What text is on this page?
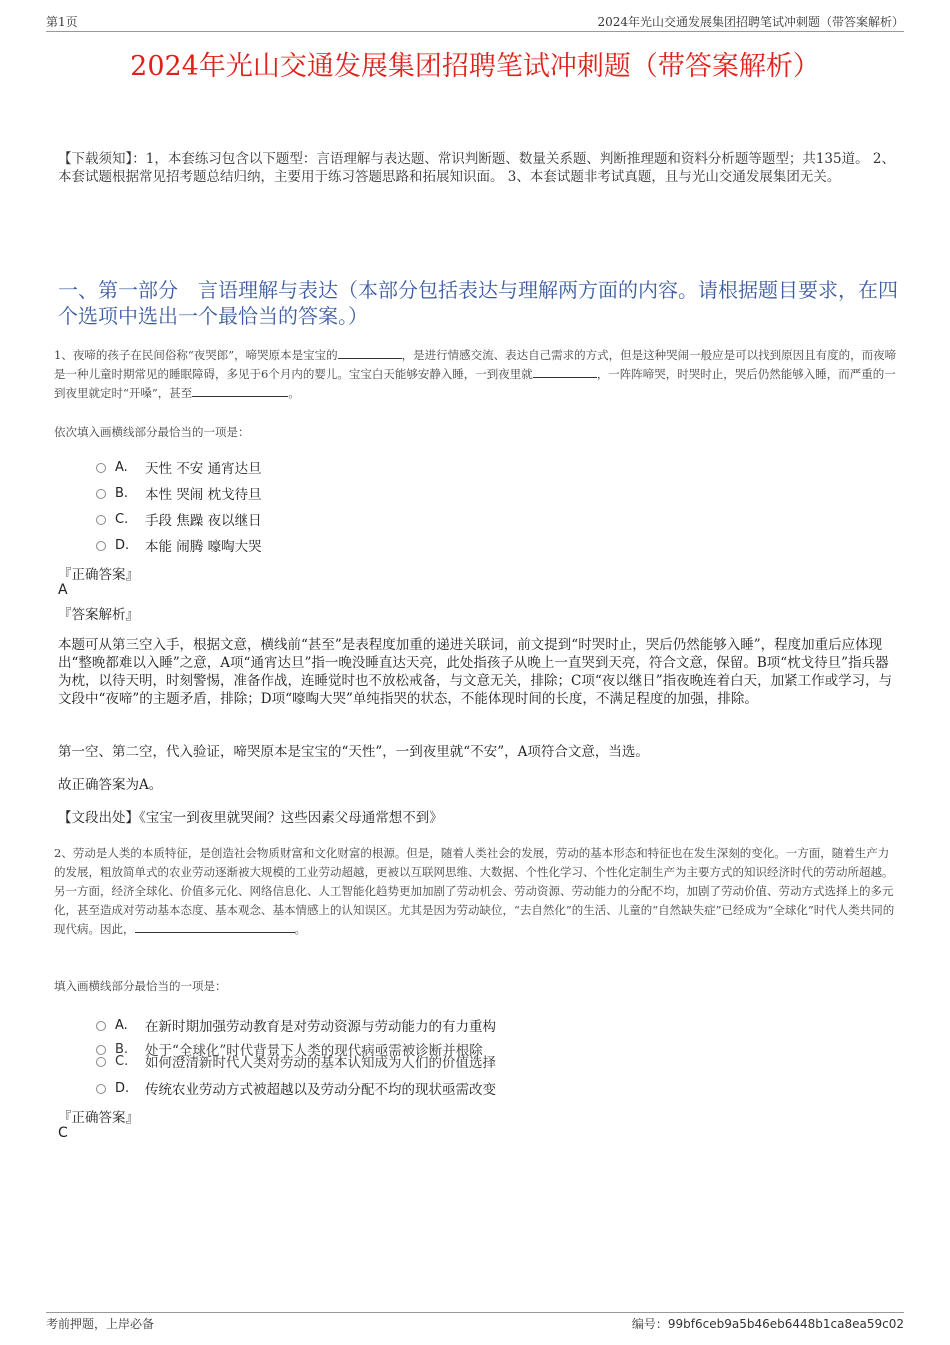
第1页	2024年光山交通发展集团招聘笔试冲刺题（带答案解析）
2024年光山交通发展集团招聘笔试冲刺题（带答案解析）
【下载须知】：1，本套练习包含以下题型：言语理解与表达题、常识判断题、数量关系题、判断推理题和资料分析题等题型；共135道。 2、本套试题根据常见招考题总结归纳，主要用于练习答题思路和拓展知识面。 3、本套试题非考试真题，且与光山交通发展集团无关。
一、第一部分　言语理解与表达（本部分包括表达与理解两方面的内容。请根据题目要求，在四个选项中选出一个最恰当的答案。）
1、夜啼的孩子在民间俗称“夜哭郎”，啼哭原本是宝宝的	，是进行情感交流、表达自己需求的方式，但是这种哭闹一般应是可以找到原因且有度的，而夜啼是一种儿童时期常见的睡眠障碍，多见于6个月内的婴儿。宝宝白天能够安静入睡，一到夜里就	，一阵阵啼哭，时哭时止，哭后仍然能够入睡，而严重的一到夜里就定时“开嗓”，甚至	。
依次填入画横线部分最恰当的一项是：
A.	天性 不安 通宵达旦
B.	本性 哭闹 枕戈待旦
C.	手段 焦躁 夜以继日
D.	本能 闹腾 嚎啕大哭
『正确答案』
A
『答案解析』
本题可从第三空入手，根据文意，横线前“甚至”是表程度加重的递进关联词，前文提到“时哭时止，哭后仍然能够入睡”，程度加重后应体现出“整晚都难以入睡”之意，A项“通宵达旦”指一晚没睡直达天亮，此处指孩子从晚上一直哭到天亮，符合文意，保留。B项“枕戈待旦”指兵器为枕，以待天明，时刻警惕，准备作战，连睡觉时也不放松戒备，与文意无关，排除；C项“夜以继日”指夜晚连着白天，加紧工作或学习，与文段中“夜啼”的主题矛盾，排除；D项“嚎啕大哭”单纯指哭的状态，不能体现时间的长度，不满足程度的加强，排除。
第一空、第二空，代入验证，啼哭原本是宝宝的“天性”，一到夜里就“不安”，A项符合文意，当选。
故正确答案为A。
【文段出处】《宝宝一到夜里就哭闹？这些因素父母通常想不到》
2、劳动是人类的本质特征，是创造社会物质财富和文化财富的根源。但是，随着人类社会的发展，劳动的基本形态和特征也在发生深刻的变化。一方面，随着生产力的发展，粗放简单式的农业劳动逐渐被大规模的工业劳动超越，更被以互联网思维、大数据、个性化学习、个性化定制生产为主要方式的知识经济时代的劳动所超越。另一方面，经济全球化、价值多元化、网络信息化、人工智能化趋势更加加剧了劳动机会、劳动资源、劳动能力的分配不均，加剧了劳动价值、劳动方式选择上的多元化，甚至造成对劳动基本态度、基本观念、基本情感上的认知误区。尤其是因为劳动缺位，“去自然化”的生活、儿童的“自然缺失症”已经成为“全球化”时代人类共同的现代病。因此，	。
填入画横线部分最恰当的一项是：
A.	在新时期加强劳动教育是对劳动资源与劳动能力的有力重构
B.	处于“全球化”时代背景下人类的现代病亟需被诊断并根除
C.	如何澄清新时代人类对劳动的基本认知成为人们的价值选择
D.	传统农业劳动方式被超越以及劳动分配不均的现状亟需改变
『正确答案』
C
考前押题，上岸必备	编号：99bf6ceb9a5b46eb6448b1ca8ea59c02
